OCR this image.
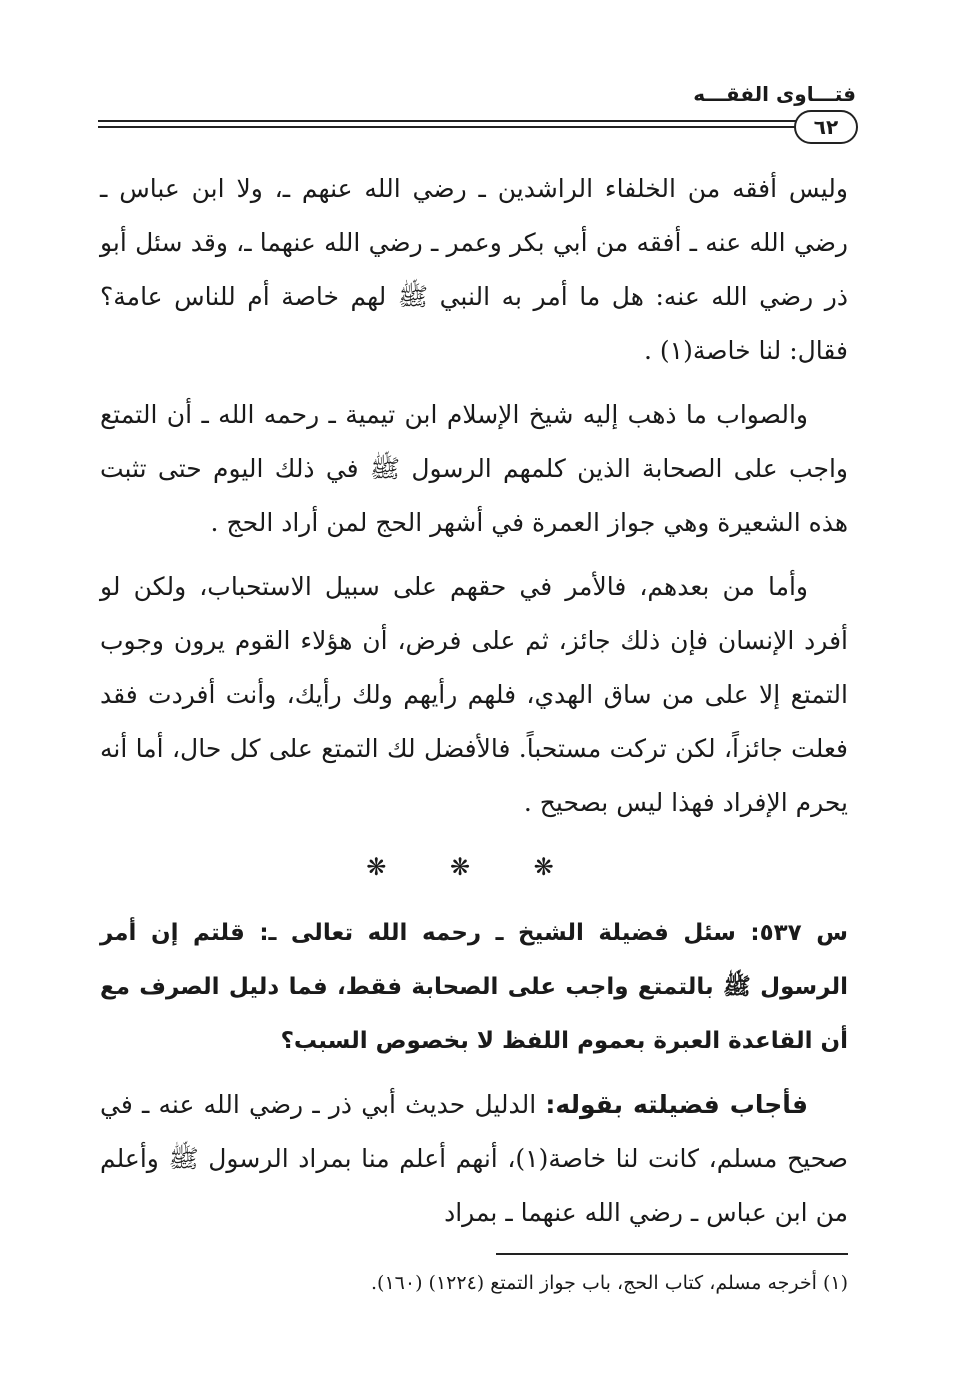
فتـــاوى الفقـــه
٦٢

وليس أفقه من الخلفاء الراشدين ـ رضي الله عنهم ـ، ولا ابن عباس ـ رضي الله عنه ـ أفقه من أبي بكر وعمر ـ رضي الله عنهما ـ، وقد سئل أبو ذر رضي الله عنه: هل ما أمر به النبي ﷺ لهم خاصة أم للناس عامة؟ فقال: لنا خاصة(١) .

والصواب ما ذهب إليه شيخ الإسلام ابن تيمية ـ رحمه الله ـ أن التمتع واجب على الصحابة الذين كلمهم الرسول ﷺ في ذلك اليوم حتى تثبت هذه الشعيرة وهي جواز العمرة في أشهر الحج لمن أراد الحج .

وأما من بعدهم، فالأمر في حقهم على سبيل الاستحباب، ولكن لو أفرد الإنسان فإن ذلك جائز، ثم على فرض، أن هؤلاء القوم يرون وجوب التمتع إلا على من ساق الهدي، فلهم رأيهم ولك رأيك، وأنت أفردت فقد فعلت جائزاً، لكن تركت مستحباً. فالأفضل لك التمتع على كل حال، أما أنه يحرم الإفراد فهذا ليس بصحيح .

❋ ❋ ❋

س ٥٣٧: سئل فضيلة الشيخ ـ رحمه الله تعالى ـ: قلتم إن أمر الرسول ﷺ بالتمتع واجب على الصحابة فقط، فما دليل الصرف مع أن القاعدة العبرة بعموم اللفظ لا بخصوص السبب؟

فأجاب فضيلته بقوله: الدليل حديث أبي ذر ـ رضي الله عنه ـ في صحيح مسلم، كانت لنا خاصة(١)، أنهم أعلم منا بمراد الرسول ﷺ وأعلم من ابن عباس ـ رضي الله عنهما ـ بمراد

(١) أخرجه مسلم، كتاب الحج، باب جواز التمتع (١٢٢٤) (١٦٠).
